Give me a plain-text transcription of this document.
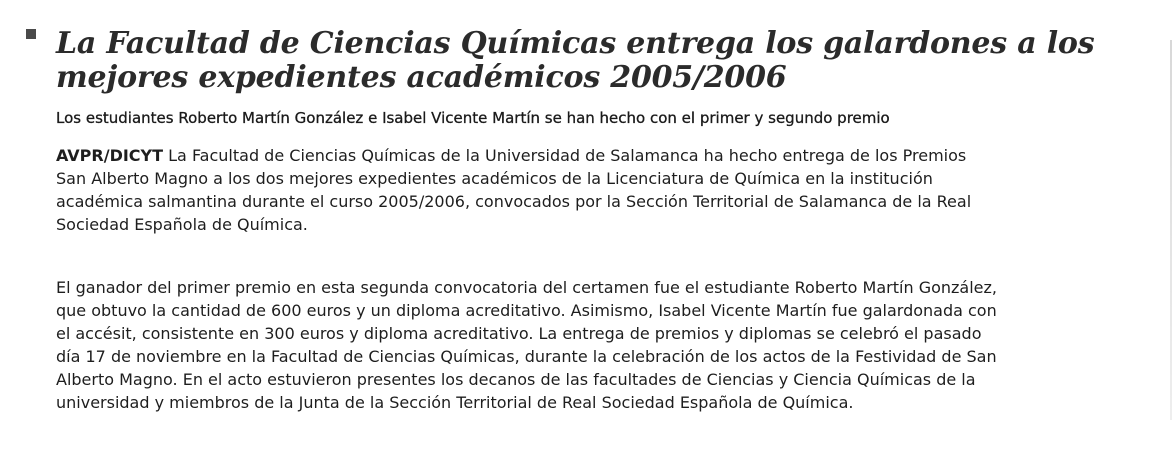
La Facultad de Ciencias Químicas entrega los galardones a los
mejores expedientes académicos 2005/2006
Los estudiantes Roberto Martín González e Isabel Vicente Martín se han hecho con el primer y segundo premio
AVPR/DICYT La Facultad de Ciencias Químicas de la Universidad de Salamanca ha hecho entrega de los Premios
San Alberto Magno a los dos mejores expedientes académicos de la Licenciatura de Química en la institución
académica salmantina durante el curso 2005/2006, convocados por la Sección Territorial de Salamanca de la Real
Sociedad Española de Química.
El ganador del primer premio en esta segunda convocatoria del certamen fue el estudiante Roberto Martín González,
que obtuvo la cantidad de 600 euros y un diploma acreditativo. Asimismo, Isabel Vicente Martín fue galardonada con
el accésit, consistente en 300 euros y diploma acreditativo. La entrega de premios y diplomas se celebró el pasado
día 17 de noviembre en la Facultad de Ciencias Químicas, durante la celebración de los actos de la Festividad de San
Alberto Magno. En el acto estuvieron presentes los decanos de las facultades de Ciencias y Ciencia Químicas de la
universidad y miembros de la Junta de la Sección Territorial de Real Sociedad Española de Química.
